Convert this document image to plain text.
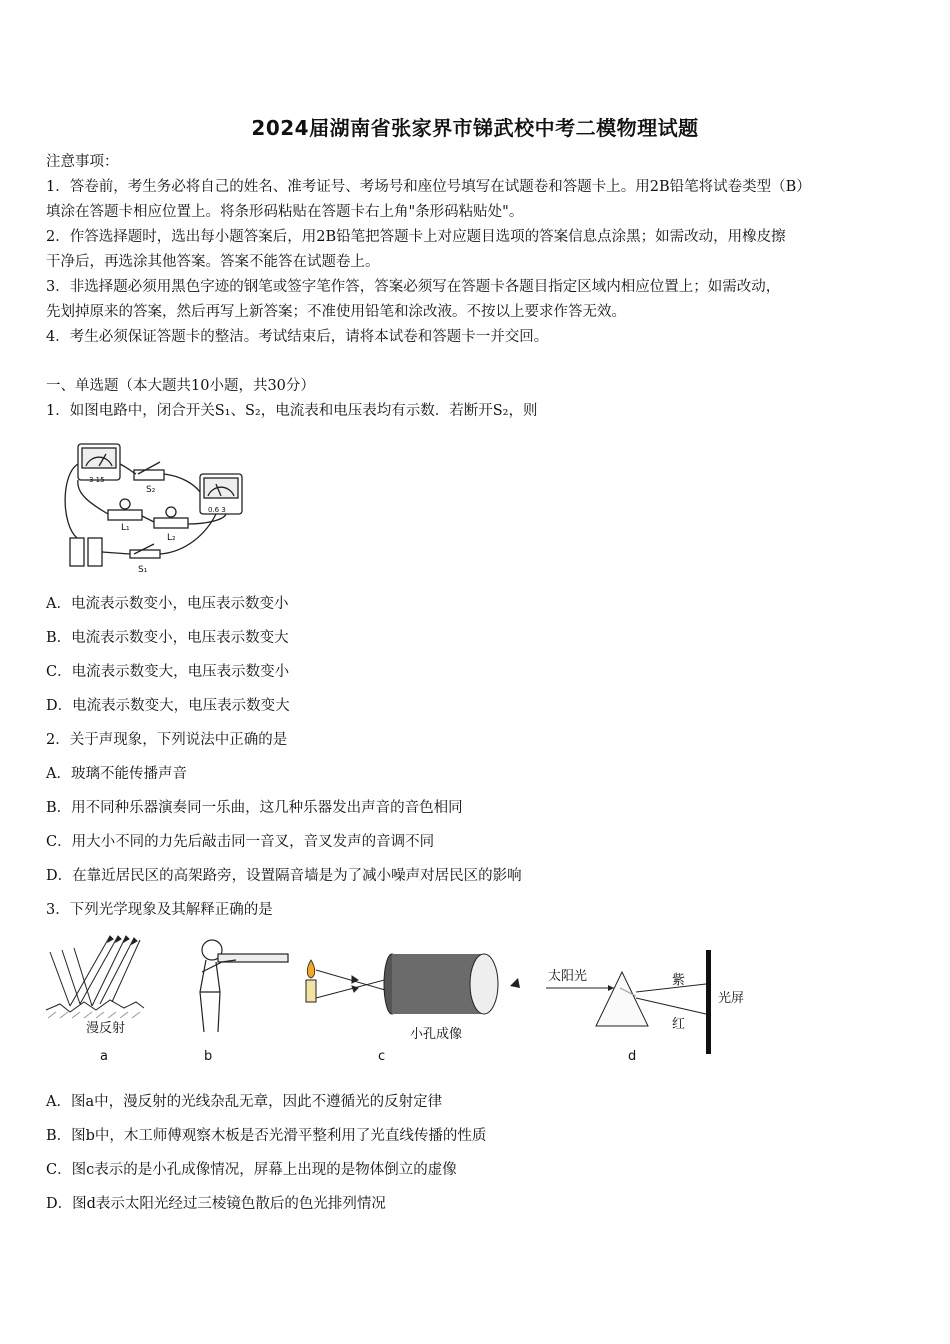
2024届湖南省张家界市锑武校中考二模物理试题
注意事项：
1．答卷前，考生务必将自己的姓名、准考证号、考场号和座位号填写在试题卷和答题卡上。用2B铅笔将试卷类型（B）
填涂在答题卡相应位置上。将条形码粘贴在答题卡右上角"条形码粘贴处"。
2．作答选择题时，选出每小题答案后，用2B铅笔把答题卡上对应题目选项的答案信息点涂黑；如需改动，用橡皮擦
干净后，再选涂其他答案。答案不能答在试题卷上。
3．非选择题必须用黑色字迹的钢笔或签字笔作答，答案必须写在答题卡各题目指定区域内相应位置上；如需改动，
先划掉原来的答案，然后再写上新答案；不准使用铅笔和涂改液。不按以上要求作答无效。
4．考生必须保证答题卡的整洁。考试结束后，请将本试卷和答题卡一并交回。
一、单选题（本大题共10小题，共30分）
1．如图电路中，闭合开关S₁、S₂，电流表和电压表均有示数．若断开S₂，则
3 15
0.6 3
S₂
L₁
L₂
S₁
A．电流表示数变小，电压表示数变小
B．电流表示数变小，电压表示数变大
C．电流表示数变大，电压表示数变小
D．电流表示数变大，电压表示数变大
2．关于声现象，下列说法中正确的是
A．玻璃不能传播声音
B．用不同种乐器演奏同一乐曲，这几种乐器发出声音的音色相同
C．用大小不同的力先后敲击同一音叉，音叉发声的音调不同
D．在靠近居民区的高架路旁，设置隔音墙是为了减小噪声对居民区的影响
3．下列光学现象及其解释正确的是
漫反射
a	b
小孔成像
c
太阳光	紫
红
光屏
d
A．图a中，漫反射的光线杂乱无章，因此不遵循光的反射定律
B．图b中，木工师傅观察木板是否光滑平整利用了光直线传播的性质
C．图c表示的是小孔成像情况，屏幕上出现的是物体倒立的虚像
D．图d表示太阳光经过三棱镜色散后的色光排列情况
